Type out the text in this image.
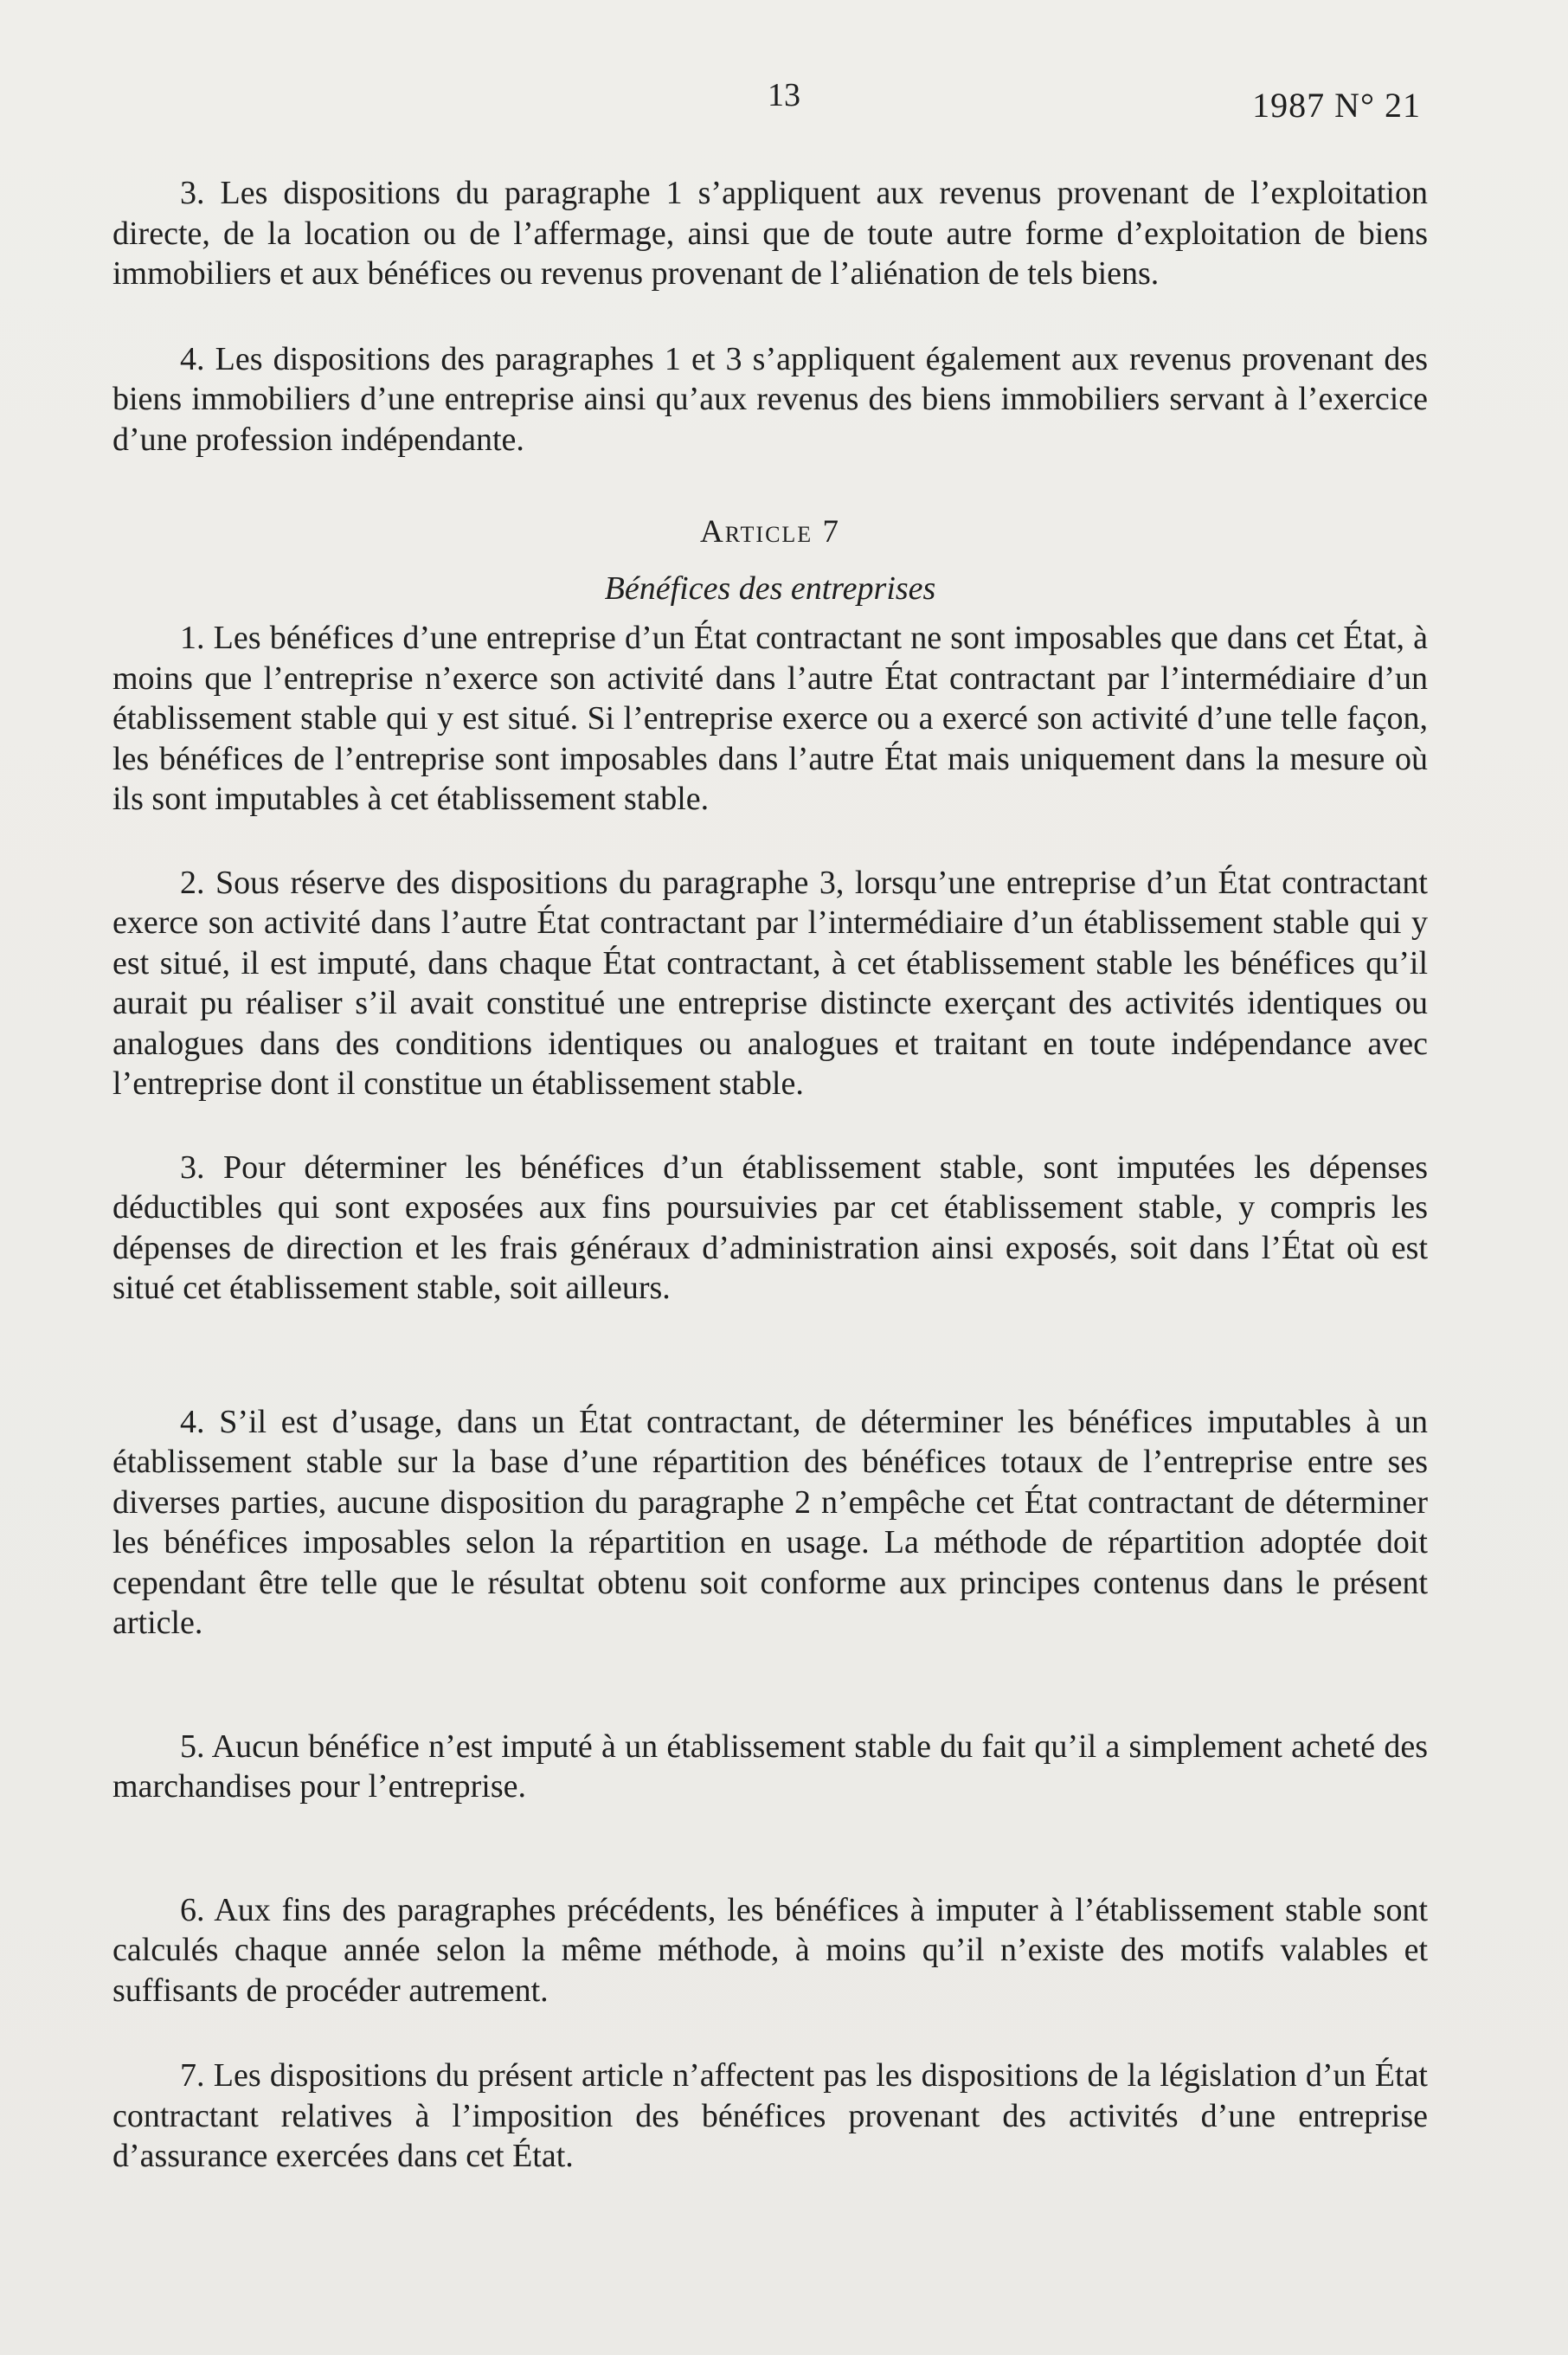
13	1987 N° 21

3. Les dispositions du paragraphe 1 s’appliquent aux revenus provenant de l’exploitation directe, de la location ou de l’affermage, ainsi que de toute autre forme d’exploitation de biens immobiliers et aux bénéfices ou revenus provenant de l’aliénation de tels biens.

4. Les dispositions des paragraphes 1 et 3 s’appliquent également aux revenus provenant des biens immobiliers d’une entreprise ainsi qu’aux revenus des biens immobiliers servant à l’exercice d’une profession indépendante.

Article 7

Bénéfices des entreprises

1. Les bénéfices d’une entreprise d’un État contractant ne sont imposables que dans cet État, à moins que l’entreprise n’exerce son activité dans l’autre État contractant par l’intermédiaire d’un établissement stable qui y est situé. Si l’entreprise exerce ou a exercé son activité d’une telle façon, les bénéfices de l’entreprise sont imposables dans l’autre État mais uniquement dans la mesure où ils sont imputables à cet établissement stable.

2. Sous réserve des dispositions du paragraphe 3, lorsqu’une entreprise d’un État contractant exerce son activité dans l’autre État contractant par l’intermédiaire d’un établissement stable qui y est situé, il est imputé, dans chaque État contractant, à cet établissement stable les bénéfices qu’il aurait pu réaliser s’il avait constitué une entreprise distincte exerçant des activités identiques ou analogues dans des conditions identiques ou analogues et traitant en toute indépendance avec l’entreprise dont il constitue un établissement stable.

3. Pour déterminer les bénéfices d’un établissement stable, sont imputées les dépenses déductibles qui sont exposées aux fins poursuivies par cet établissement stable, y compris les dépenses de direction et les frais généraux d’administration ainsi exposés, soit dans l’État où est situé cet établissement stable, soit ailleurs.

4. S’il est d’usage, dans un État contractant, de déterminer les bénéfices imputables à un établissement stable sur la base d’une répartition des bénéfices totaux de l’entreprise entre ses diverses parties, aucune disposition du paragraphe 2 n’empêche cet État contractant de déterminer les bénéfices imposables selon la répartition en usage. La méthode de répartition adoptée doit cependant être telle que le résultat obtenu soit conforme aux principes contenus dans le présent article.

5. Aucun bénéfice n’est imputé à un établissement stable du fait qu’il a simplement acheté des marchandises pour l’entreprise.

6. Aux fins des paragraphes précédents, les bénéfices à imputer à l’établissement stable sont calculés chaque année selon la même méthode, à moins qu’il n’existe des motifs valables et suffisants de procéder autrement.

7. Les dispositions du présent article n’affectent pas les dispositions de la législation d’un État contractant relatives à l’imposition des bénéfices provenant des activités d’une entreprise d’assurance exercées dans cet État.
